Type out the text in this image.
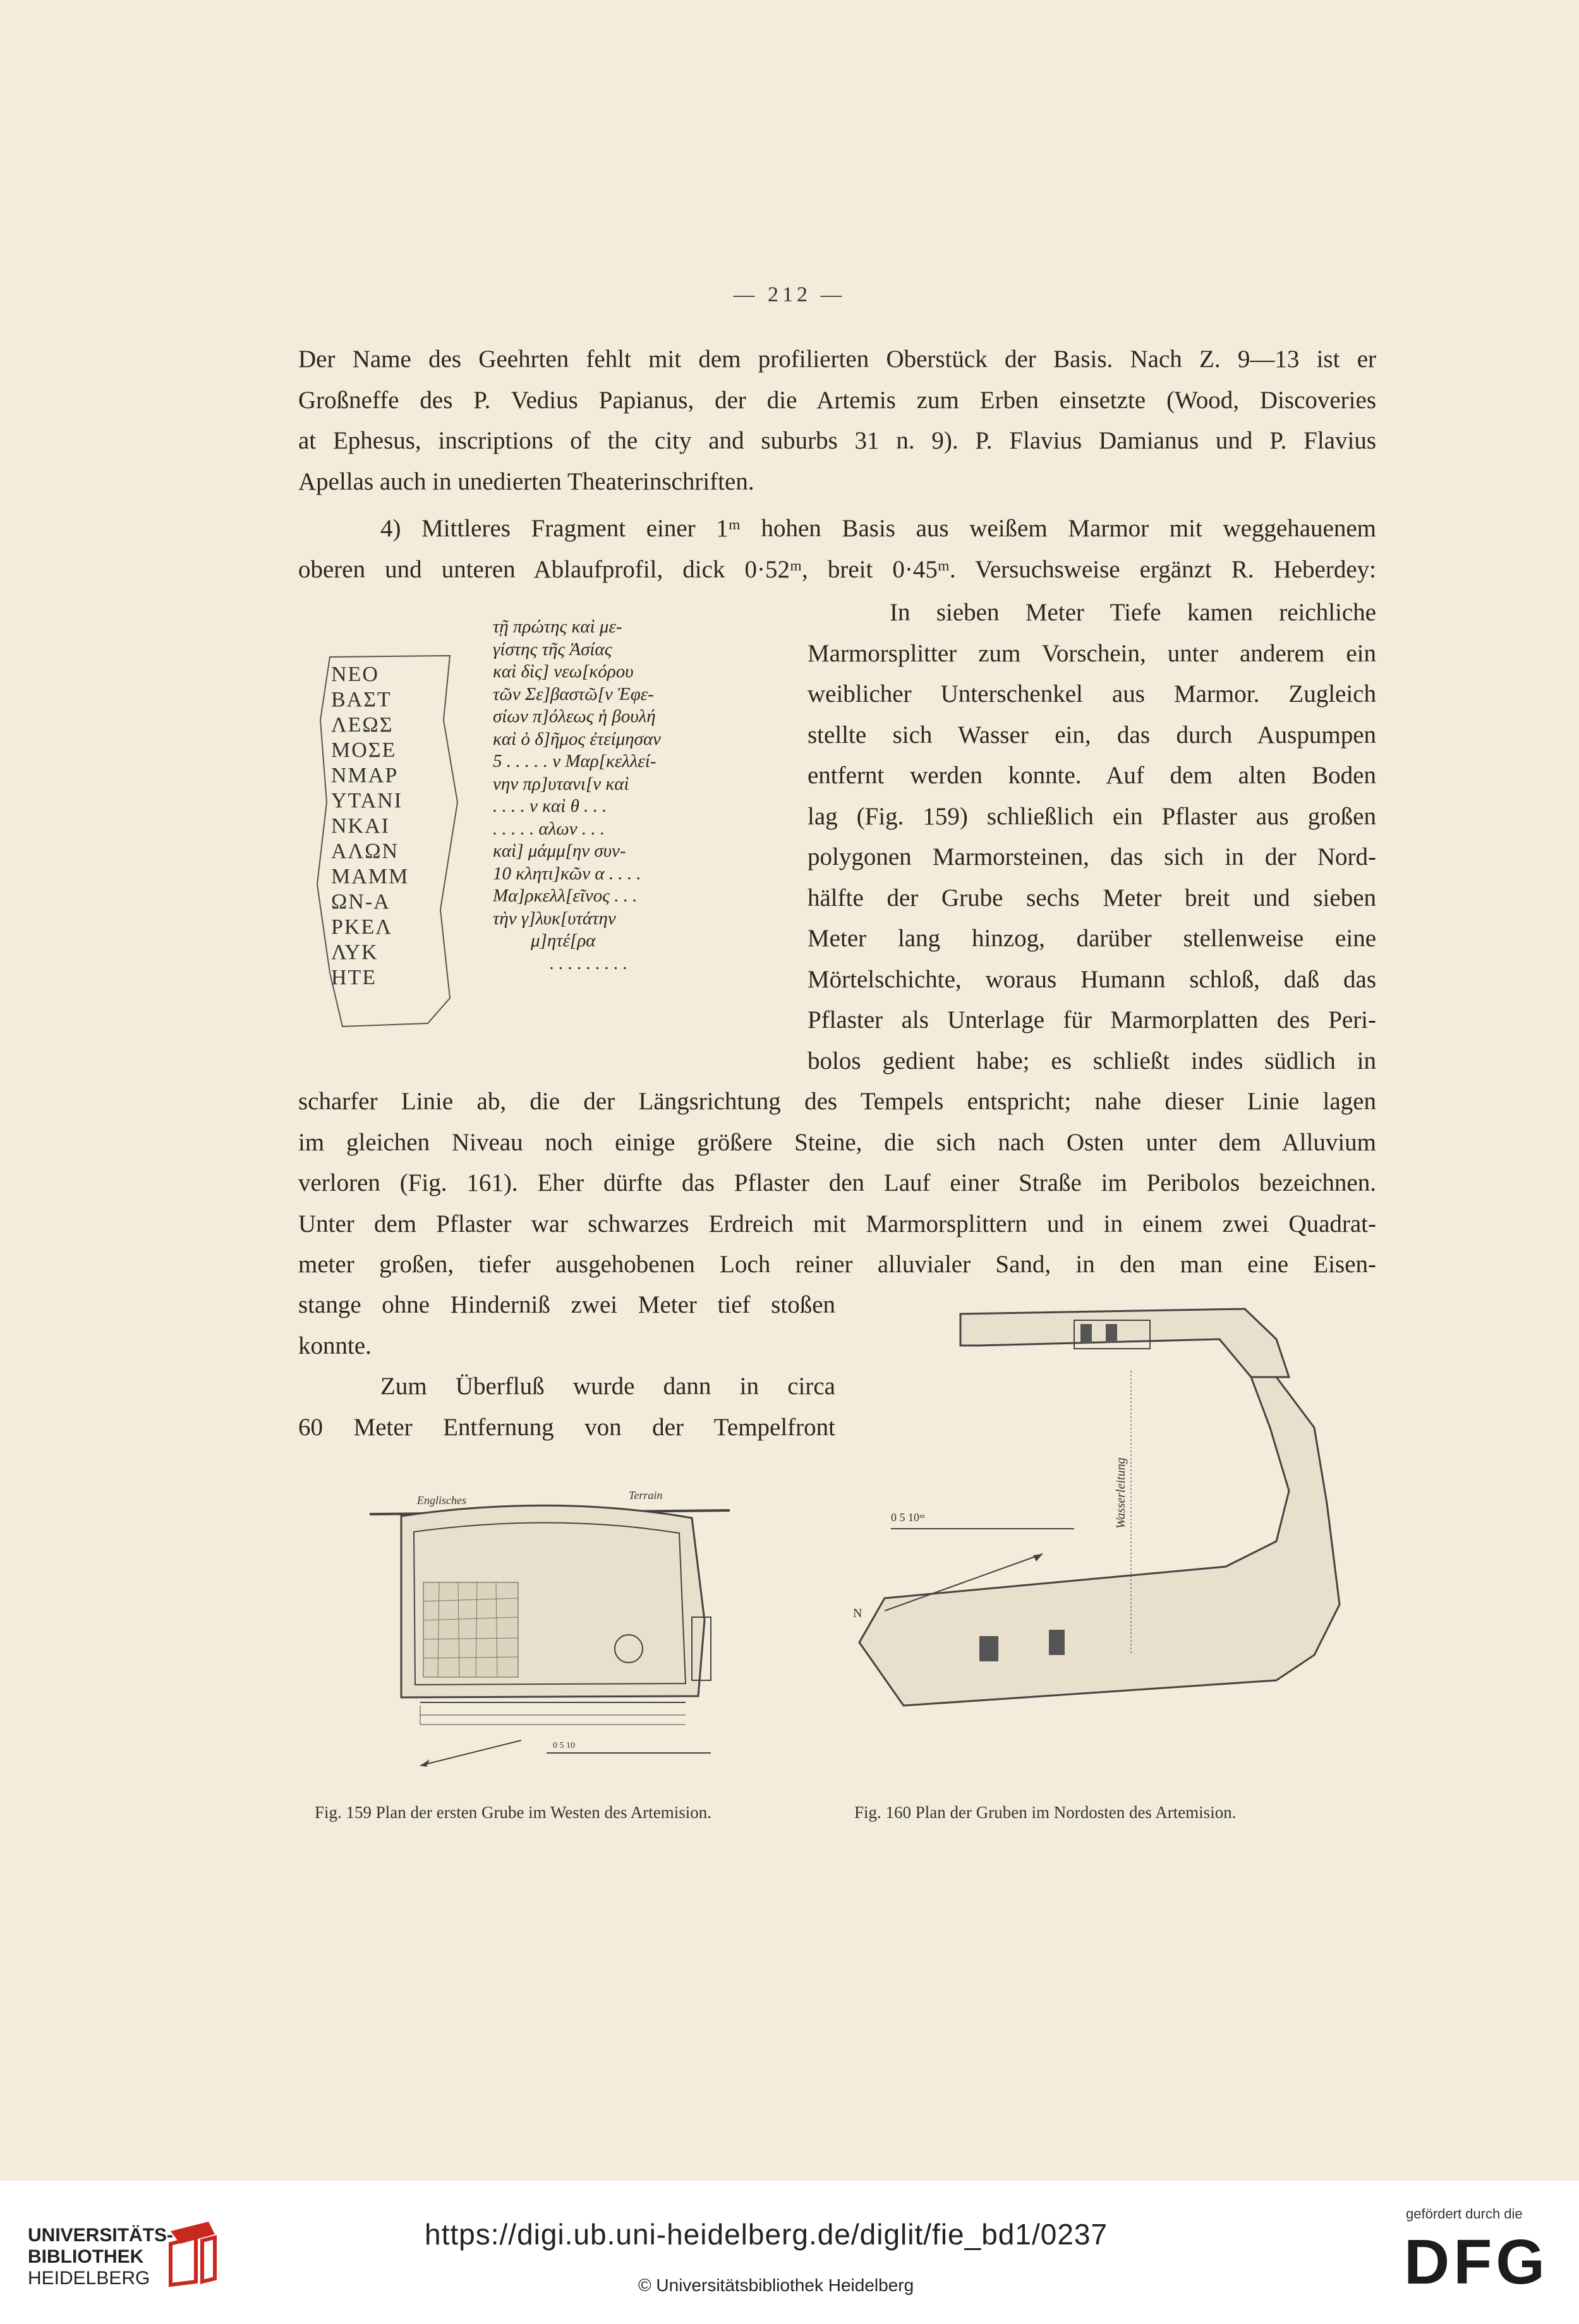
— 212 —
Der Name des Geehrten fehlt mit dem profilierten Oberstück der Basis. Nach Z. 9—13 ist er
Großneffe des P. Vedius Papianus, der die Artemis zum Erben einsetzte (Wood, Discoveries
at Ephesus, inscriptions of the city and suburbs 31 n. 9). P. Flavius Damianus und P. Flavius
Apellas auch in unedierten Theaterinschriften.
4) Mittleres Fragment einer 1ᵐ hohen Basis aus weißem Marmor mit weggehauenem
oberen und unteren Ablaufprofil, dick 0·52ᵐ, breit 0·45ᵐ. Versuchsweise ergänzt R. Heberdey:
ΝΕΟ
ΒΑΣΤ
ΛΕΩΣ
ΜΟΣΕ
ΝΜΑΡ
ΥΤΑΝΙ
ΝΚΑΙ
ΑΛΩΝ
ΜΑΜΜ
ΩΝ-Α
ΡΚΕΛ
ΛΥΚ
ΗΤΕ
τῇ πρώτης καὶ με-
γίστης τῆς Ἀσίας
καὶ δὶς] νεω[κόρου
τῶν Σε]βαστῶ[ν Ἐφε-
σίων π]όλεως ἡ βουλή
καὶ ὁ δ]ῆμος ἐτείμησαν
5 . . . . . ν Μαρ[κελλεί-
νην πρ]υτανι[ν καὶ
. . . . ν καὶ θ . . .
. . . . . αλων . . .
καὶ] μάμμ[ην συν-
10 κλητι]κῶν α . . . .
Μα]ρκελλ[εῖνος . . .
τὴν γ]λυκ[υτάτην
μ]ητέ[ρα
. . . . . . . . .
In sieben Meter Tiefe kamen reichliche
Marmorsplitter zum Vorschein, unter anderem ein
weiblicher Unterschenkel aus Marmor. Zugleich
stellte sich Wasser ein, das durch Auspumpen
entfernt werden konnte. Auf dem alten Boden
lag (Fig. 159) schließlich ein Pflaster aus großen
polygonen Marmorsteinen, das sich in der Nord-
hälfte der Grube sechs Meter breit und sieben
Meter lang hinzog, darüber stellenweise eine
Mörtelschichte, woraus Humann schloß, daß das
Pflaster als Unterlage für Marmorplatten des Peri-
bolos gedient habe; es schließt indes südlich in
scharfer Linie ab, die der Längsrichtung des Tempels entspricht; nahe dieser Linie lagen
im gleichen Niveau noch einige größere Steine, die sich nach Osten unter dem Alluvium
verloren (Fig. 161). Eher dürfte das Pflaster den Lauf einer Straße im Peribolos bezeichnen.
Unter dem Pflaster war schwarzes Erdreich mit Marmorsplittern und in einem zwei Quadrat-
meter großen, tiefer ausgehobenen Loch reiner alluvialer Sand, in den man eine Eisen-
stange ohne Hinderniß zwei Meter tief stoßen
konnte.
Zum Überfluß wurde dann in circa
60 Meter Entfernung von der Tempelfront
Englisches	Terrain
0 5 10
Fig. 159 Plan der ersten Grube im Westen des Artemision.
Wasserleitung
0 5 10ᵐ
N
Fig. 160 Plan der Gruben im Nordosten des Artemision.
UNIVERSITÄTS-
BIBLIOTHEK
HEIDELBERG
https://digi.ub.uni-heidelberg.de/diglit/fie_bd1/0237
© Universitätsbibliothek Heidelberg
gefördert durch die
DFG
